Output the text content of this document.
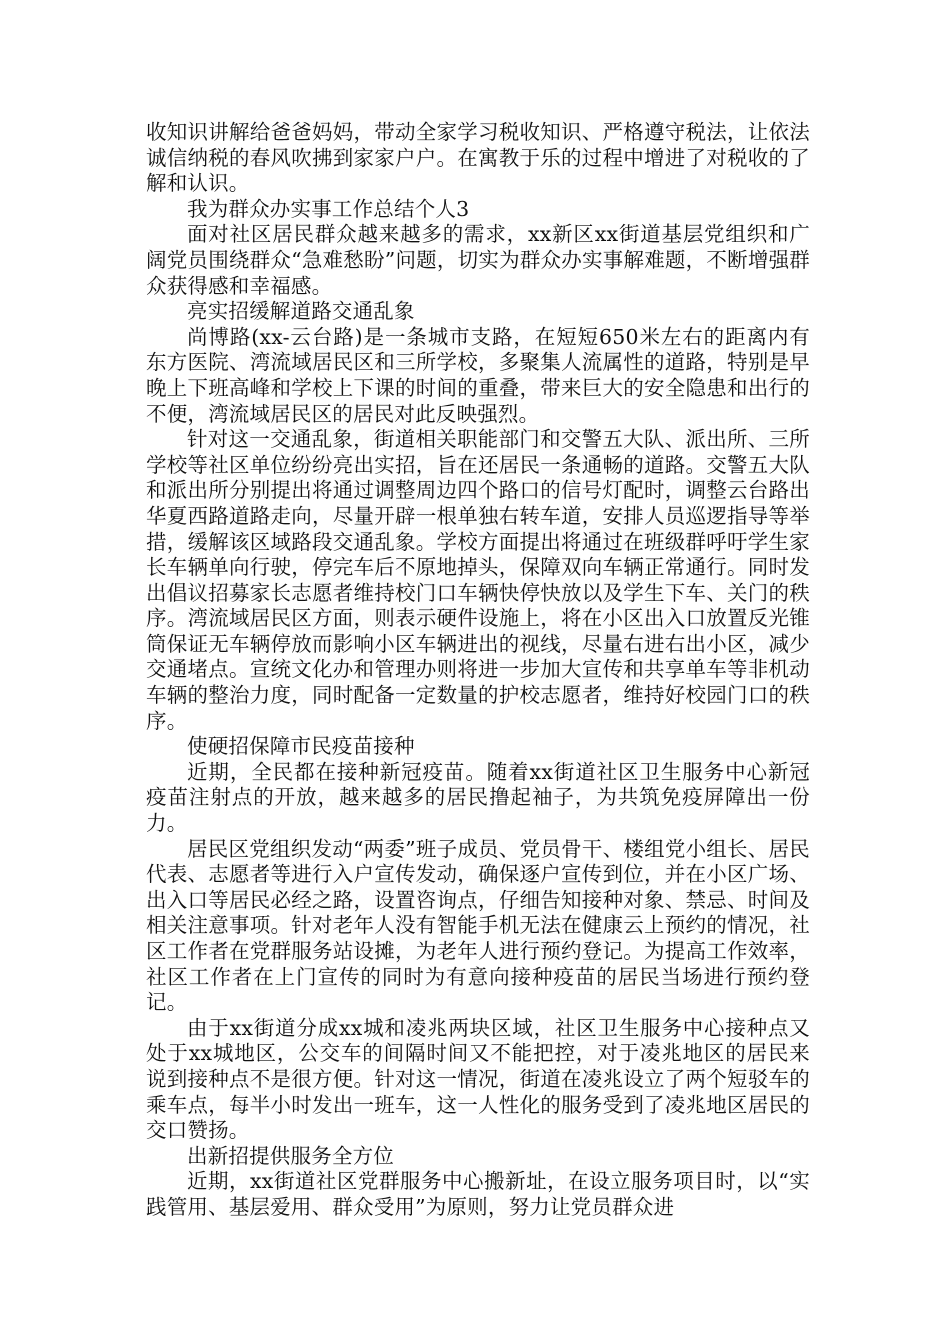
收知识讲解给爸爸妈妈，带动全家学习税收知识、严格遵守税法，让依法诚信纳税的春风吹拂到家家户户。在寓教于乐的过程中增进了对税收的了解和认识。

我为群众办实事工作总结个人3

面对社区居民群众越来越多的需求，xx新区xx街道基层党组织和广阔党员围绕群众“急难愁盼”问题，切实为群众办实事解难题，不断增强群众获得感和幸福感。

亮实招缓解道路交通乱象

尚博路(xx-云台路)是一条城市支路，在短短650米左右的距离内有东方医院、湾流域居民区和三所学校，多聚集人流属性的道路，特别是早晚上下班高峰和学校上下课的时间的重叠，带来巨大的安全隐患和出行的不便，湾流域居民区的居民对此反映强烈。

针对这一交通乱象，街道相关职能部门和交警五大队、派出所、三所学校等社区单位纷纷亮出实招，旨在还居民一条通畅的道路。交警五大队和派出所分别提出将通过调整周边四个路口的信号灯配时，调整云台路出华夏西路道路走向，尽量开辟一根单独右转车道，安排人员巡逻指导等举措，缓解该区域路段交通乱象。学校方面提出将通过在班级群呼吁学生家长车辆单向行驶，停完车后不原地掉头，保障双向车辆正常通行。同时发出倡议招募家长志愿者维持校门口车辆快停快放以及学生下车、关门的秩序。湾流域居民区方面，则表示硬件设施上，将在小区出入口放置反光锥筒保证无车辆停放而影响小区车辆进出的视线，尽量右进右出小区，减少交通堵点。宣统文化办和管理办则将进一步加大宣传和共享单车等非机动车辆的整治力度，同时配备一定数量的护校志愿者，维持好校园门口的秩序。

使硬招保障市民疫苗接种

近期，全民都在接种新冠疫苗。随着xx街道社区卫生服务中心新冠疫苗注射点的开放，越来越多的居民撸起袖子，为共筑免疫屏障出一份力。

居民区党组织发动“两委”班子成员、党员骨干、楼组党小组长、居民代表、志愿者等进行入户宣传发动，确保逐户宣传到位，并在小区广场、出入口等居民必经之路，设置咨询点，仔细告知接种对象、禁忌、时间及相关注意事项。针对老年人没有智能手机无法在健康云上预约的情况，社区工作者在党群服务站设摊，为老年人进行预约登记。为提高工作效率，社区工作者在上门宣传的同时为有意向接种疫苗的居民当场进行预约登记。

由于xx街道分成xx城和凌兆两块区域，社区卫生服务中心接种点又处于xx城地区，公交车的间隔时间又不能把控，对于凌兆地区的居民来说到接种点不是很方便。针对这一情况，街道在凌兆设立了两个短驳车的乘车点，每半小时发出一班车，这一人性化的服务受到了凌兆地区居民的交口赞扬。

出新招提供服务全方位

近期，xx街道社区党群服务中心搬新址，在设立服务项目时，以“实践管用、基层爱用、群众受用”为原则，努力让党员群众进
